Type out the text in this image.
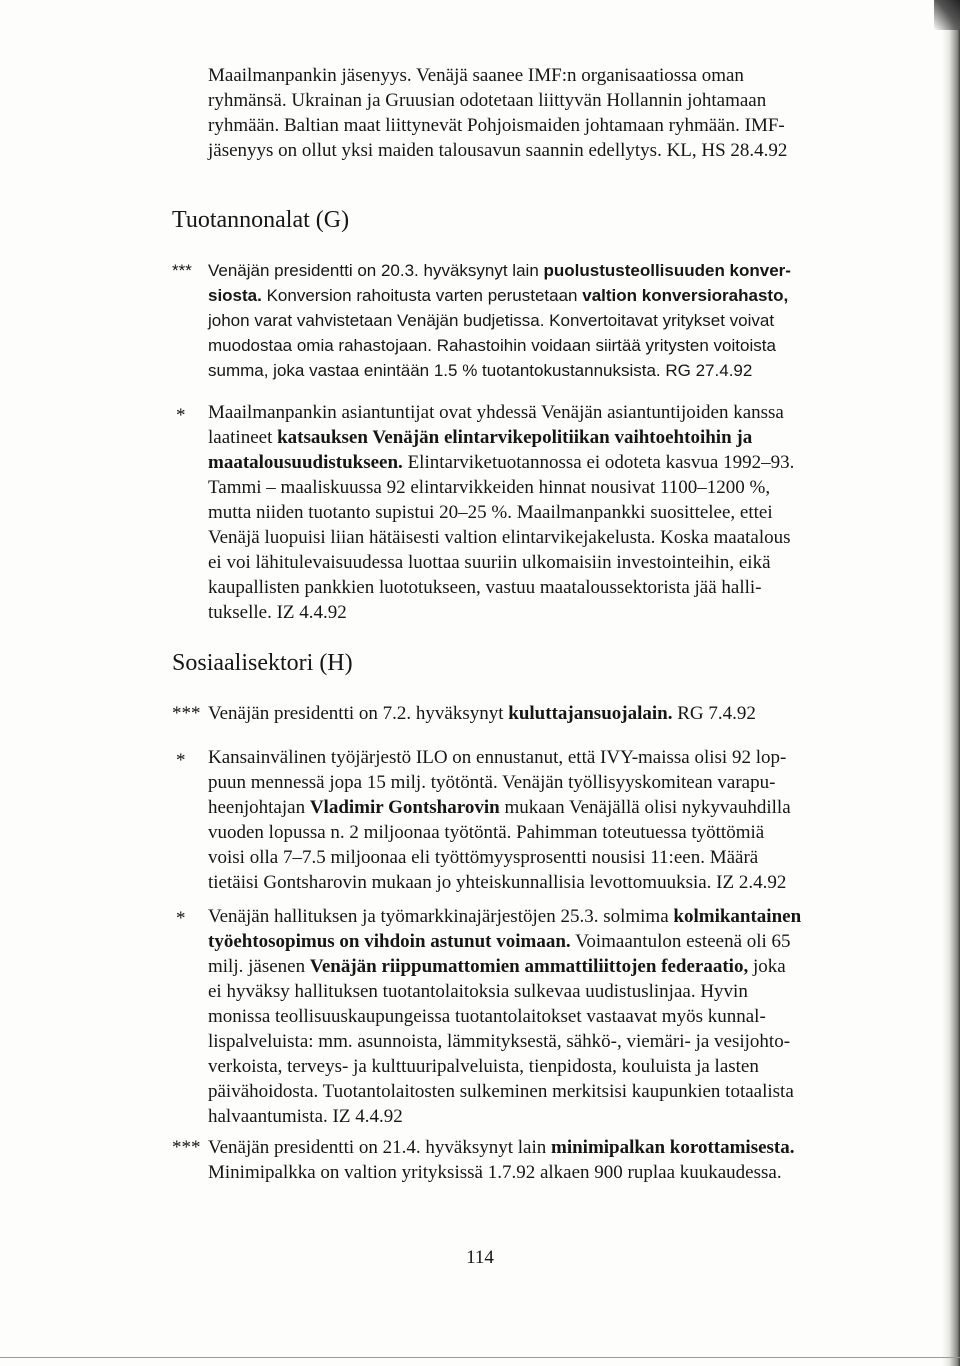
Maailmanpankin jäsenyys. Venäjä saanee IMF:n organisaatiossa oman
ryhmänsä. Ukrainan ja Gruusian odotetaan liittyvän Hollannin johtamaan
ryhmään. Baltian maat liittynevät Pohjoismaiden johtamaan ryhmään. IMF-
jäsenyys on ollut yksi maiden talousavun saannin edellytys. KL, HS 28.4.92
Tuotannonalat (G)
*** Venäjän presidentti on 20.3. hyväksynyt lain puolustusteollisuuden konver-
siosta. Konversion rahoitusta varten perustetaan valtion konversiorahasto,
johon varat vahvistetaan Venäjän budjetissa. Konvertoitavat yritykset voivat
muodostaa omia rahastojaan. Rahastoihin voidaan siirtää yritysten voitoista
summa, joka vastaa enintään 1.5 % tuotantokustannuksista. RG 27.4.92
* Maailmanpankin asiantuntijat ovat yhdessä Venäjän asiantuntijoiden kanssa
laatineet katsauksen Venäjän elintarvikepolitiikan vaihtoehtoihin ja
maatalousuudistukseen. Elintarviketuotannossa ei odoteta kasvua 1992–93.
Tammi – maaliskuussa 92 elintarvikkeiden hinnat nousivat 1100–1200 %,
mutta niiden tuotanto supistui 20–25 %. Maailmanpankki suosittelee, ettei
Venäjä luopuisi liian hätäisesti valtion elintarvikejakelusta. Koska maatalous
ei voi lähitulevaisuudessa luottaa suuriin ulkomaisiin investointeihin, eikä
kaupallisten pankkien luototukseen, vastuu maataloussektorista jää halli-
tukselle. IZ 4.4.92
Sosiaalisektori (H)
*** Venäjän presidentti on 7.2. hyväksynyt kuluttajansuojalain. RG 7.4.92
* Kansainvälinen työjärjestö ILO on ennustanut, että IVY-maissa olisi 92 lop-
puun mennessä jopa 15 milj. työtöntä. Venäjän työllisyyskomitean varapu-
heenjohtajan Vladimir Gontsharovin mukaan Venäjällä olisi nykyvauhdilla
vuoden lopussa n. 2 miljoonaa työtöntä. Pahimman toteutuessa työttömiä
voisi olla 7–7.5 miljoonaa eli työttömyysprosentti nousisi 11:een. Määrä
tietäisi Gontsharovin mukaan jo yhteiskunnallisia levottomuuksia. IZ 2.4.92
* Venäjän hallituksen ja työmarkkinajärjestöjen 25.3. solmima kolmikantainen
työehtosopimus on vihdoin astunut voimaan. Voimaantulon esteenä oli 65
milj. jäsenen Venäjän riippumattomien ammattiliittojen federaatio, joka
ei hyväksy hallituksen tuotantolaitoksia sulkevaa uudistuslinjaa. Hyvin
monissa teollisuuskaupungeissa tuotantolaitokset vastaavat myös kunnal-
lispalveluista: mm. asunnoista, lämmityksestä, sähkö-, viemäri- ja vesijohto-
verkoista, terveys- ja kulttuuripalveluista, tienpidosta, kouluista ja lasten
päivähoidosta. Tuotantolaitosten sulkeminen merkitsisi kaupunkien totaalista
halvaantumista. IZ 4.4.92
*** Venäjän presidentti on 21.4. hyväksynyt lain minimipalkan korottamisesta.
Minimipalkka on valtion yrityksissä 1.7.92 alkaen 900 ruplaa kuukaudessa.
114
